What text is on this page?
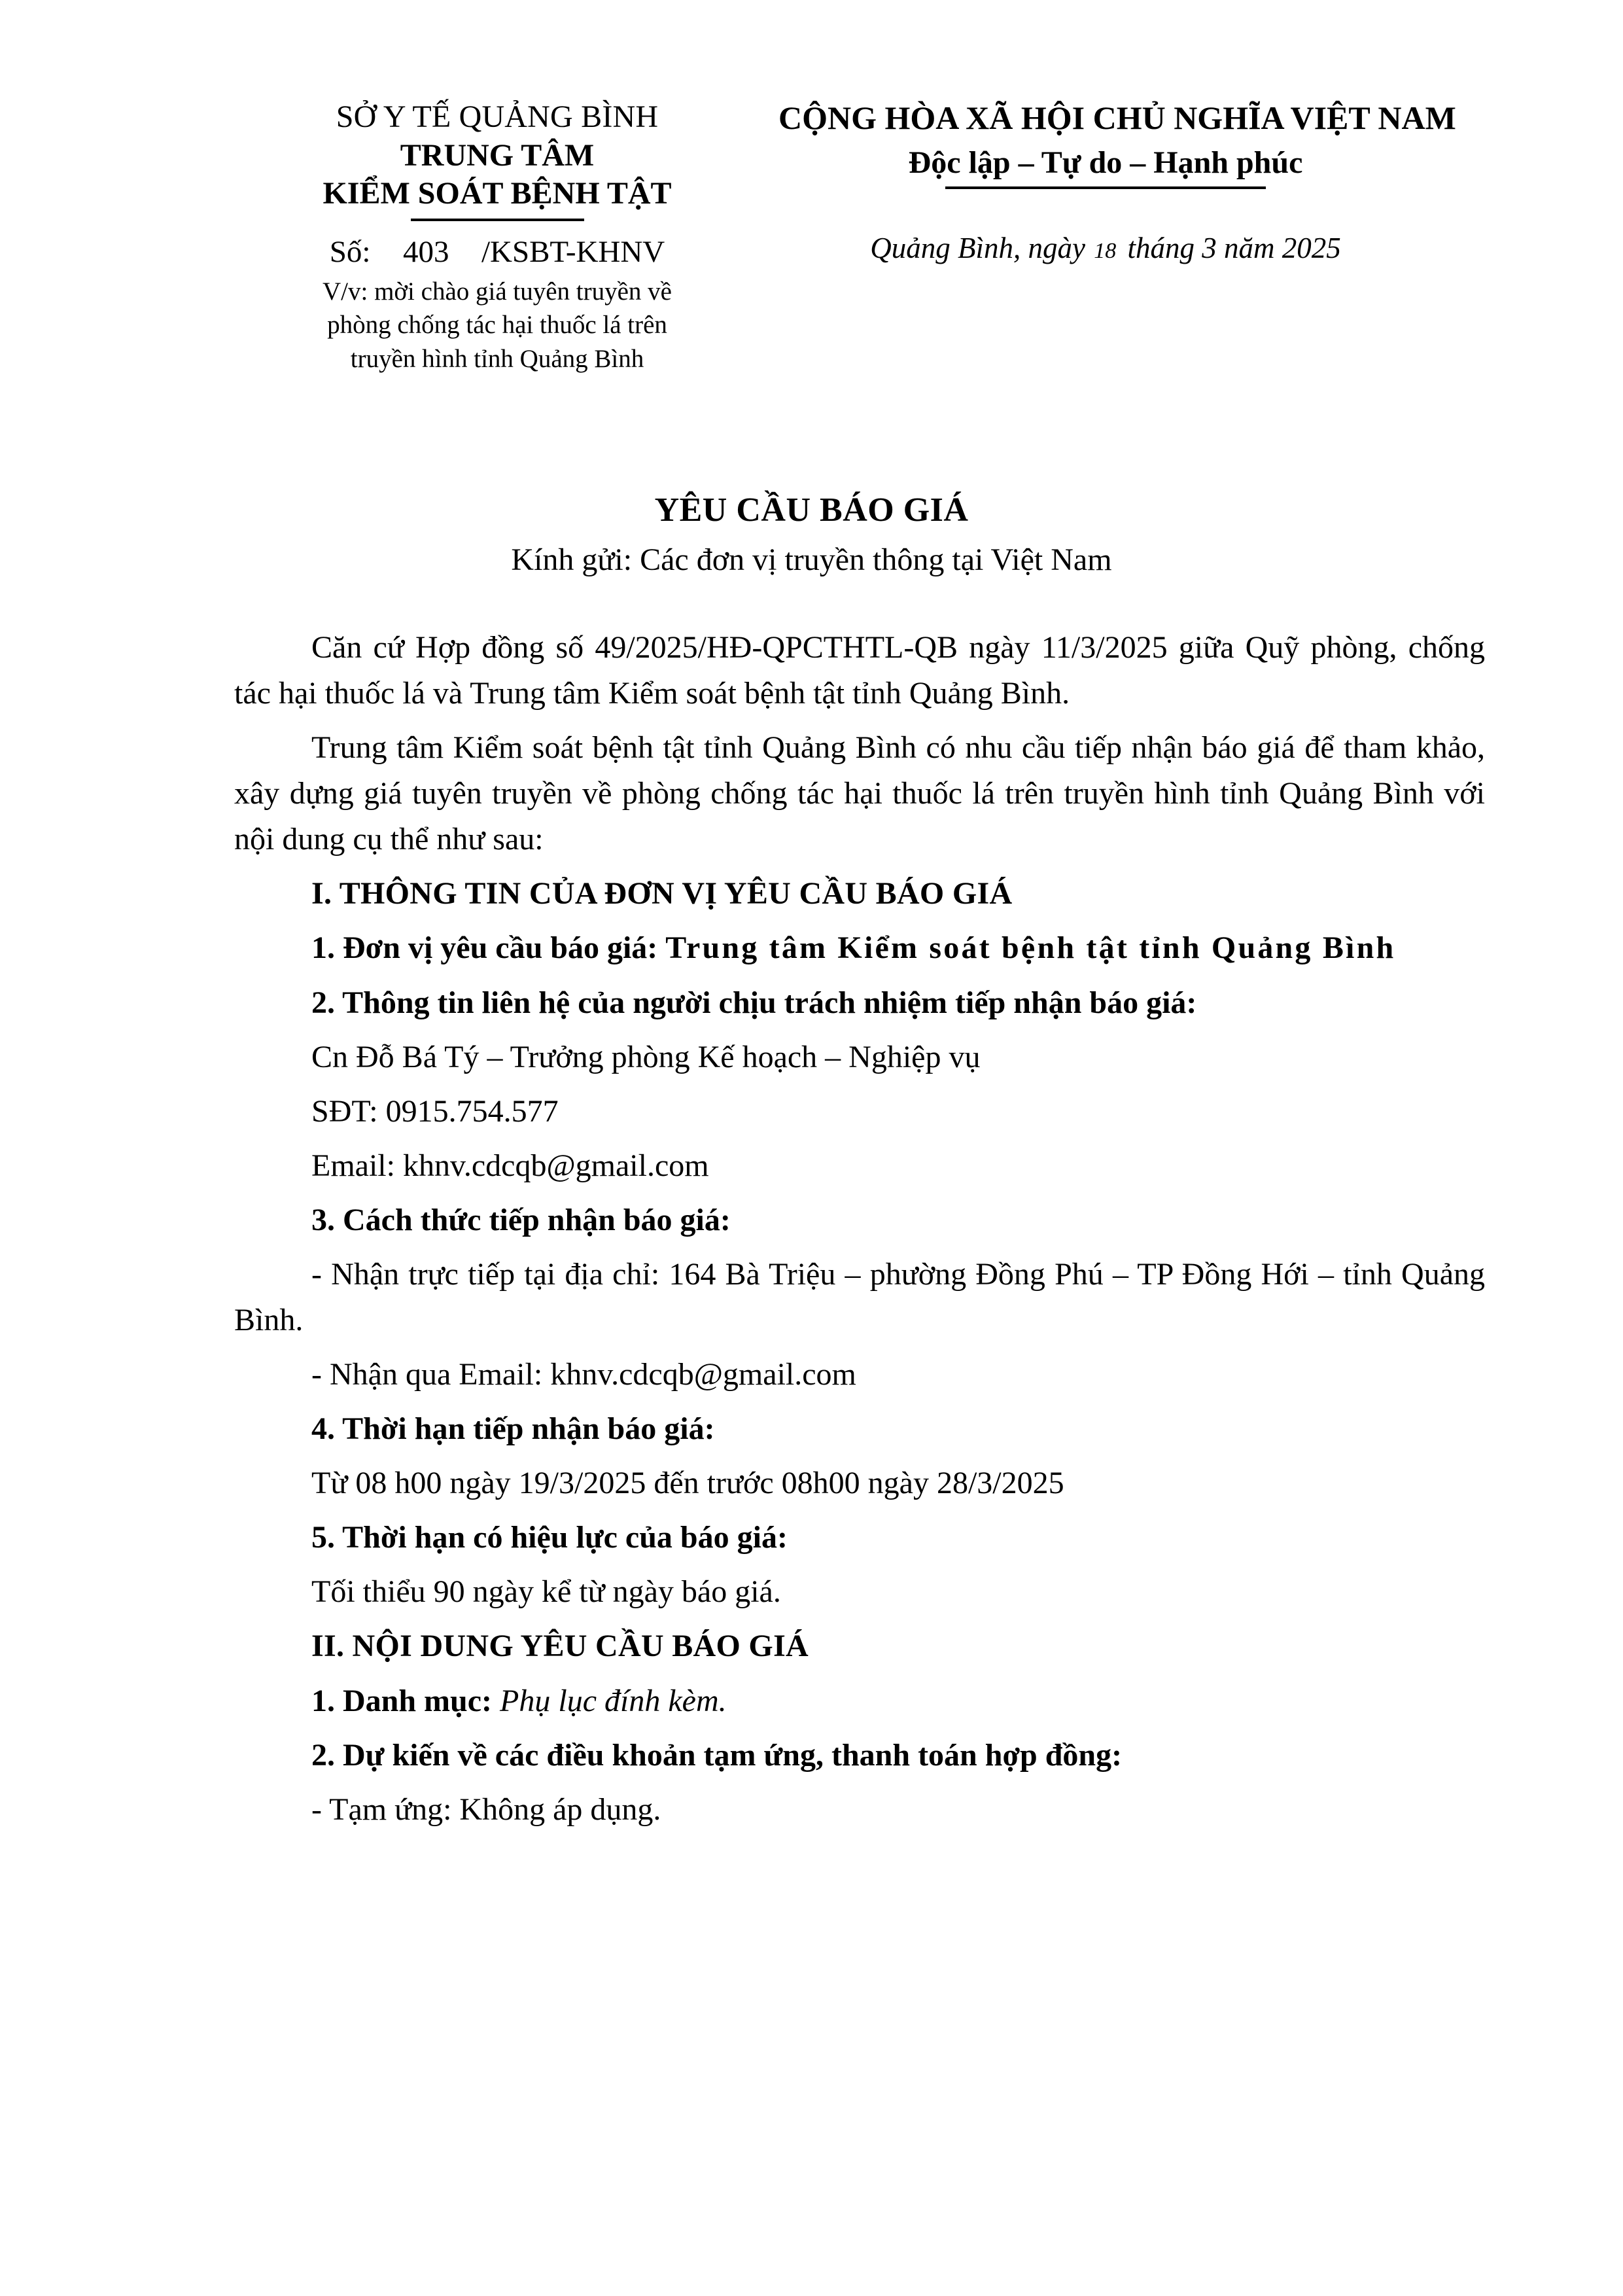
SỞ Y TẾ QUẢNG BÌNH
TRUNG TÂM
KIỂM SOÁT BỆNH TẬT
Số: 403 /KSBT-KHNV
V/v: mời chào giá tuyên truyền về phòng chống tác hại thuốc lá trên truyền hình tỉnh Quảng Bình
CỘNG HÒA XÃ HỘI CHỦ NGHĨA VIỆT NAM
Độc lập – Tự do – Hạnh phúc
Quảng Bình, ngày 18 tháng 3 năm 2025
YÊU CẦU BÁO GIÁ
Kính gửi: Các đơn vị truyền thông tại Việt Nam

Căn cứ Hợp đồng số 49/2025/HĐ-QPCTHTL-QB ngày 11/3/2025 giữa Quỹ phòng, chống tác hại thuốc lá và Trung tâm Kiểm soát bệnh tật tỉnh Quảng Bình.

Trung tâm Kiểm soát bệnh tật tỉnh Quảng Bình có nhu cầu tiếp nhận báo giá để tham khảo, xây dựng giá tuyên truyền về phòng chống tác hại thuốc lá trên truyền hình tỉnh Quảng Bình với nội dung cụ thể như sau:

I. THÔNG TIN CỦA ĐƠN VỊ YÊU CẦU BÁO GIÁ

1. Đơn vị yêu cầu báo giá: Trung tâm Kiểm soát bệnh tật tỉnh Quảng Bình

2. Thông tin liên hệ của người chịu trách nhiệm tiếp nhận báo giá:

Cn Đỗ Bá Tý – Trưởng phòng Kế hoạch – Nghiệp vụ

SĐT: 0915.754.577

Email: khnv.cdcqb@gmail.com

3. Cách thức tiếp nhận báo giá:

- Nhận trực tiếp tại địa chỉ: 164 Bà Triệu – phường Đồng Phú – TP Đồng Hới – tỉnh Quảng Bình.

- Nhận qua Email: khnv.cdcqb@gmail.com

4. Thời hạn tiếp nhận báo giá:

Từ 08 h00 ngày 19/3/2025 đến trước 08h00 ngày 28/3/2025

5. Thời hạn có hiệu lực của báo giá:

Tối thiểu 90 ngày kể từ ngày báo giá.

II. NỘI DUNG YÊU CẦU BÁO GIÁ

1. Danh mục: Phụ lục đính kèm.

2. Dự kiến về các điều khoản tạm ứng, thanh toán hợp đồng:

- Tạm ứng: Không áp dụng.
